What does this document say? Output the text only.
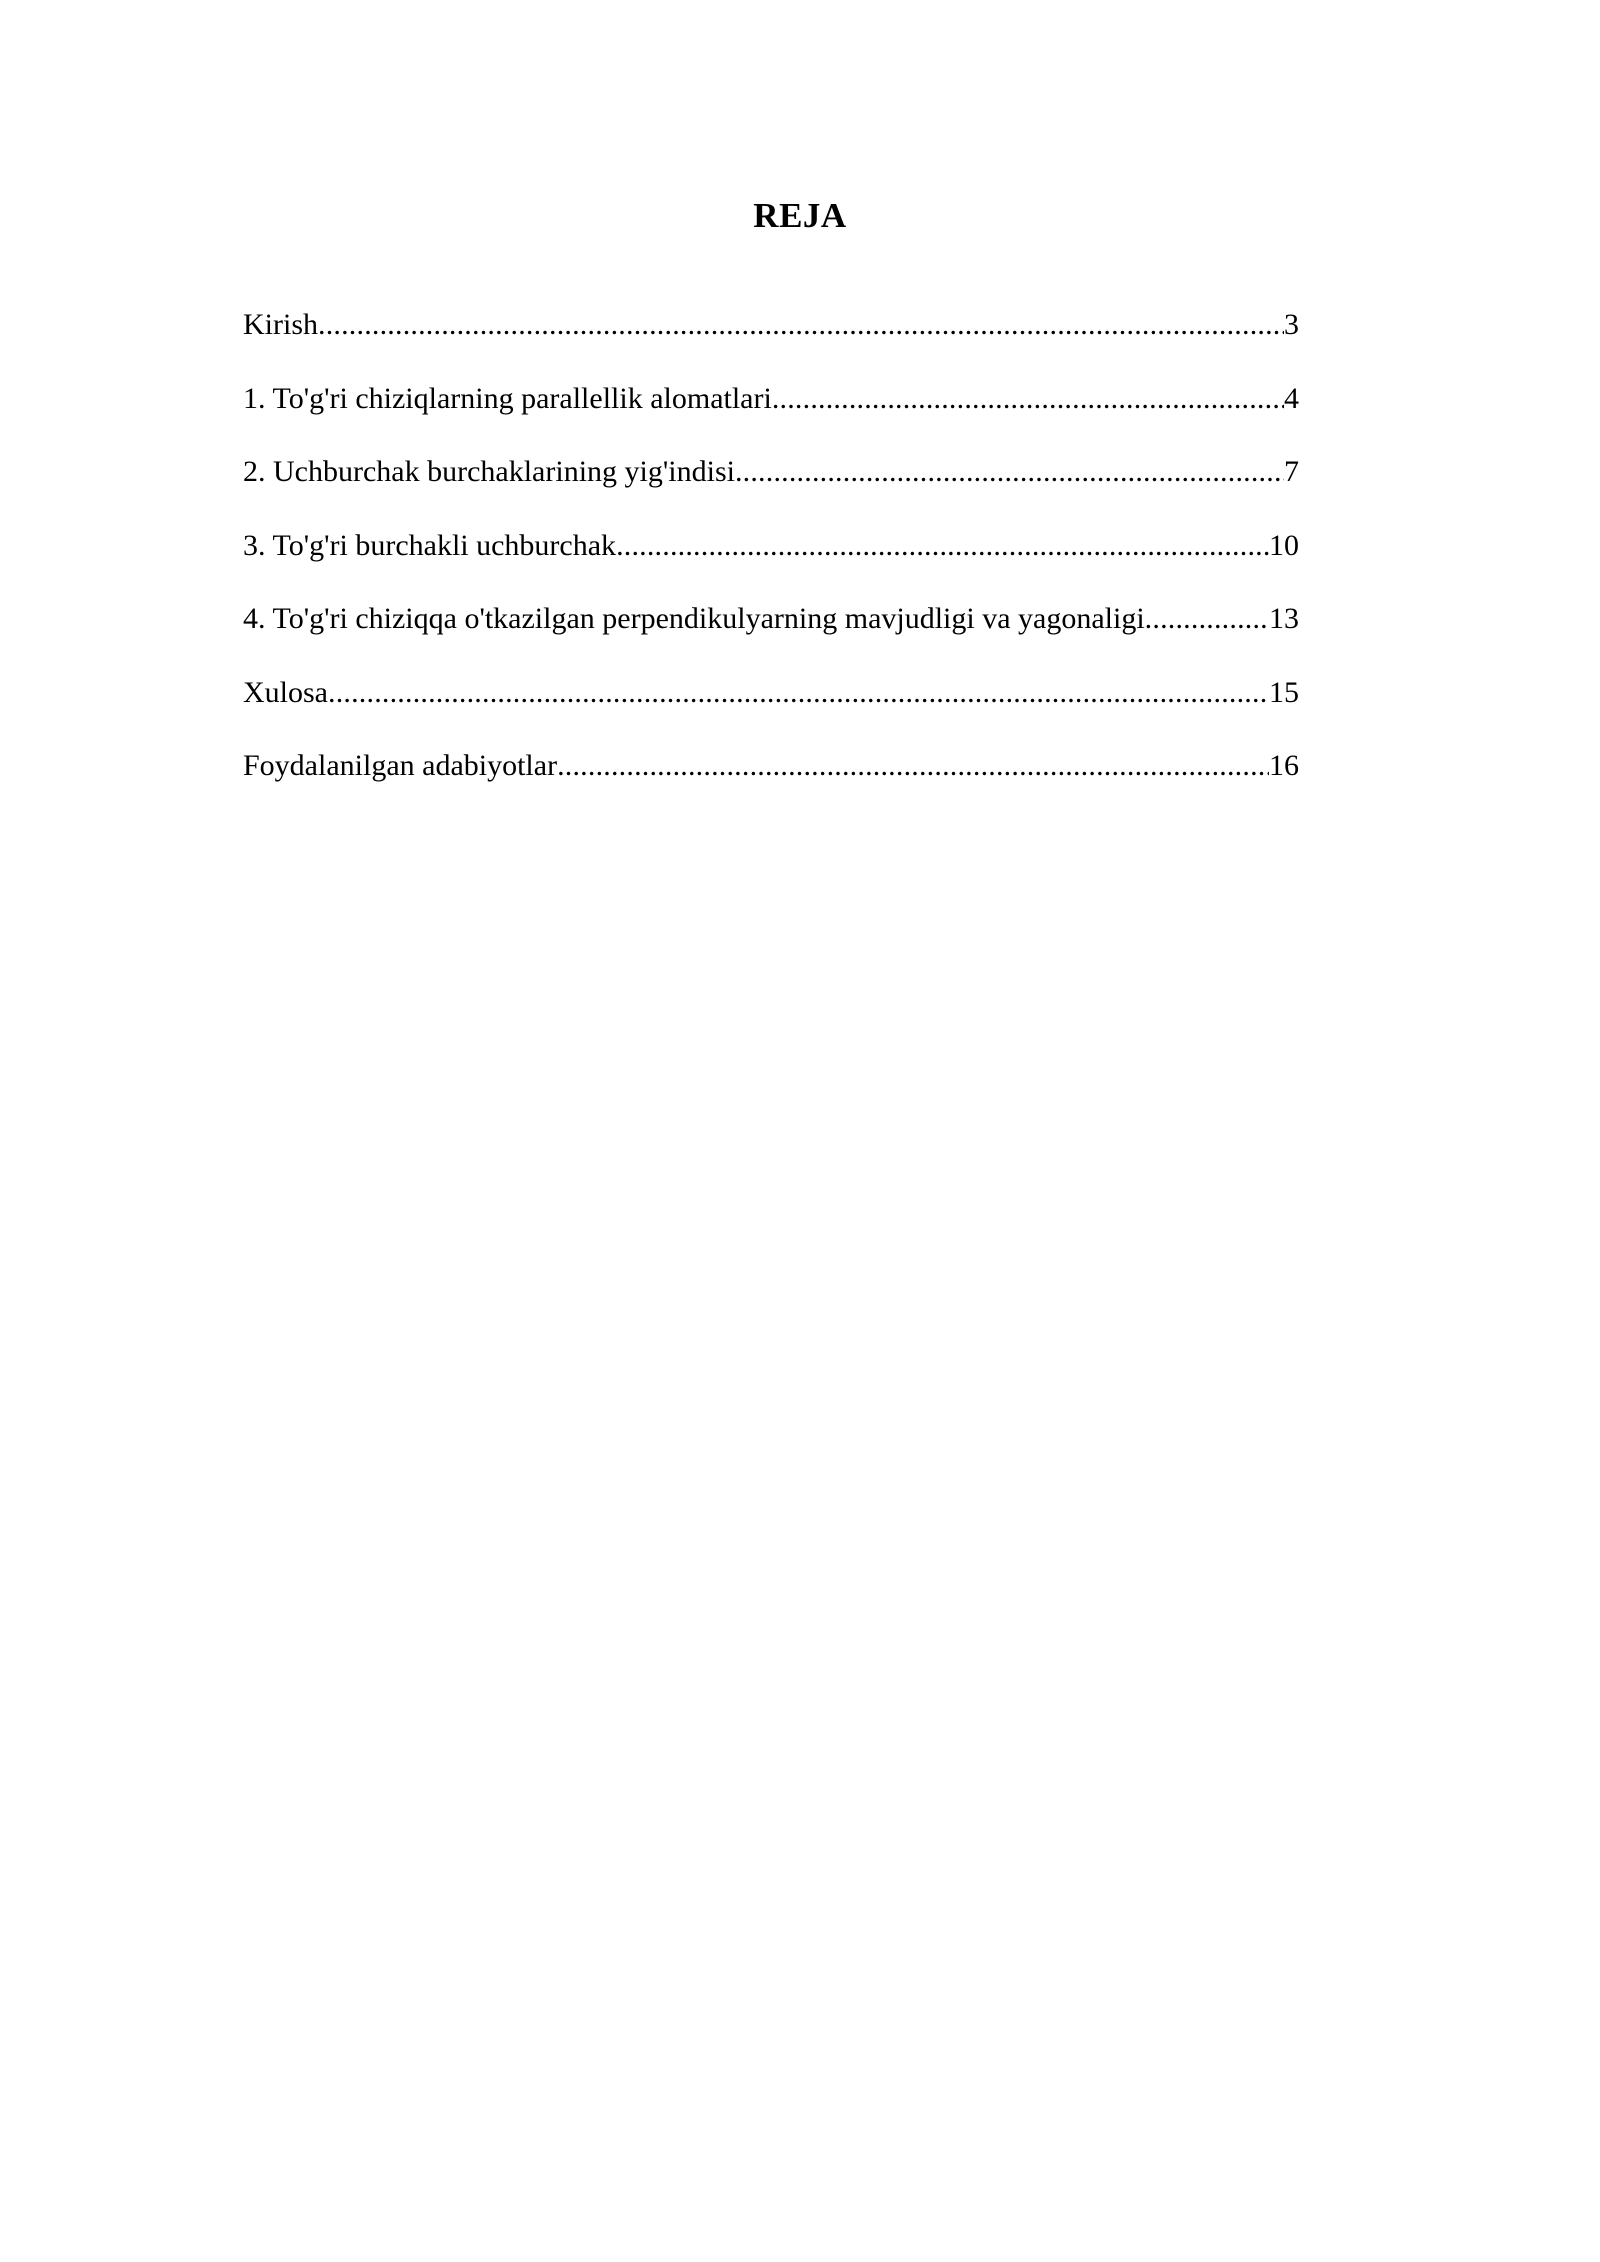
REJA
Kirish .....	3
1. To'g'ri chiziqlarning parallellik alomatlari .....	4
2. Uchburchak burchaklarining yig'indisi .....	7
3. To'g'ri burchakli uchburchak .....	10
4. To'g'ri chiziqqa o'tkazilgan perpendikulyarning mavjudligi va yagonaligi .....	13
Xulosa .....	15
Foydalanilgan adabiyotlar .....	16
